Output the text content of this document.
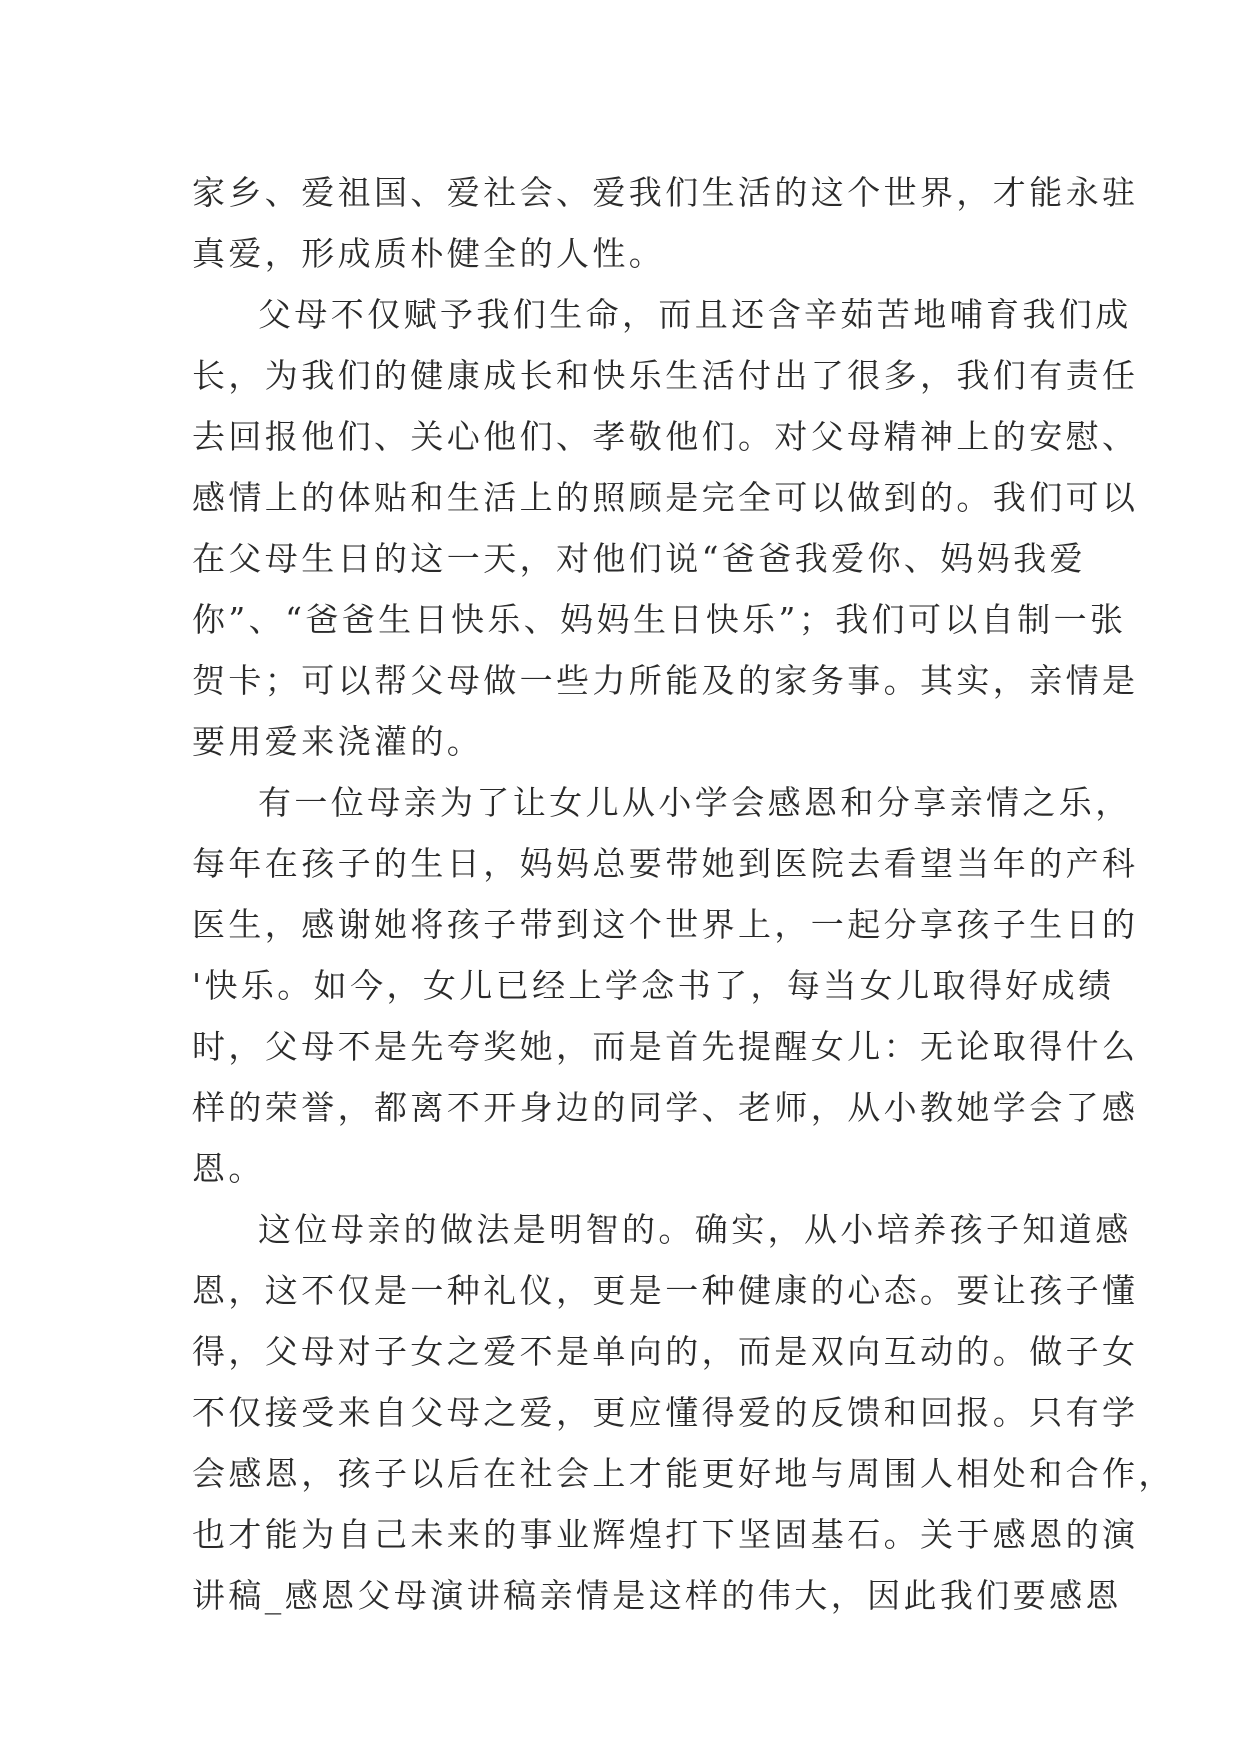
家乡、爱祖国、爱社会、爱我们生活的这个世界，才能永驻
真爱，形成质朴健全的人性。
父母不仅赋予我们生命，而且还含辛茹苦地哺育我们成
长，为我们的健康成长和快乐生活付出了很多，我们有责任
去回报他们、关心他们、孝敬他们。对父母精神上的安慰、
感情上的体贴和生活上的照顾是完全可以做到的。我们可以
在父母生日的这一天，对他们说“爸爸我爱你、妈妈我爱
你”、“爸爸生日快乐、妈妈生日快乐”；我们可以自制一张
贺卡；可以帮父母做一些力所能及的家务事。其实，亲情是
要用爱来浇灌的。
有一位母亲为了让女儿从小学会感恩和分享亲情之乐，
每年在孩子的生日，妈妈总要带她到医院去看望当年的产科
医生，感谢她将孩子带到这个世界上，一起分享孩子生日的
'快乐。如今，女儿已经上学念书了，每当女儿取得好成绩
时，父母不是先夸奖她，而是首先提醒女儿：无论取得什么
样的荣誉，都离不开身边的同学、老师，从小教她学会了感
恩。
这位母亲的做法是明智的。确实，从小培养孩子知道感
恩，这不仅是一种礼仪，更是一种健康的心态。要让孩子懂
得，父母对子女之爱不是单向的，而是双向互动的。做子女
不仅接受来自父母之爱，更应懂得爱的反馈和回报。只有学
会感恩，孩子以后在社会上才能更好地与周围人相处和合作，
也才能为自己未来的事业辉煌打下坚固基石。关于感恩的演
讲稿_感恩父母演讲稿亲情是这样的伟大，因此我们要感恩
